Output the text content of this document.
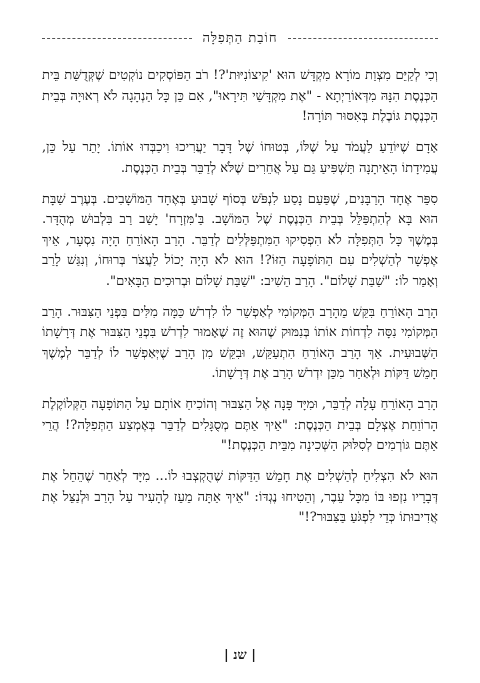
חוֹבַת הַתְּפִלָּה

וְכִי לְקַיֵּם מִצְוַת מוֹרָא מִקְדָּשׁ הוּא 'קִיצוֹנִיּוּת'?! רֹב הַפּוֹסְקִים נוֹקְטִים שֶׁקְּדֻשַּׁת בֵּית הַכְּנֶסֶת הִנָּהּ מִדְּאוֹרַיְתָא - "אֶת מִקְדָּשַׁי תִּירָאוּ", אִם כֵּן כָּל הַנְהָגָה לֹא רְאוּיָה בְּבֵית הַכְּנֶסֶת גּוֹבֶלֶת בְּאִסּוּר תּוֹרָה!

אָדָם שֶׁיּוֹדֵעַ לַעֲמֹד עַל שֶׁלּוֹ, בְּטוּחוֹ שֶׁל דָּבָר יַעֲרִיכוּ וִיכַבְּדוּ אוֹתוֹ. יָתֵר עַל כֵּן, עֲמִידָתוֹ הָאֵיתָנָה תַּשְׁפִּיעַ גַּם עַל אֲחֵרִים שֶׁלֹּא לְדַבֵּר בְּבֵית הַכְּנֶסֶת.

סִפֵּר אֶחָד הָרַבָּנִים, שֶׁפַּעַם נָסַע לִנְפֹּשׁ בְּסוֹף שָׁבוּעַ בְּאֶחָד הַמּוֹשָׁבִים. בְּעֶרֶב שַׁבָּת הוּא בָּא לְהִתְפַּלֵּל בְּבֵית הַכְּנֶסֶת שֶׁל הַמּוֹשָׁב. בַּ'מִּזְרָח' יָשַׁב רַב בִּלְבוּשׁ מְהֻדָּר. בְּמֶשֶׁךְ כָּל הַתְּפִלָּה לֹא הִפְסִיקוּ הַמִּתְפַּלְּלִים לְדַבֵּר. הָרַב הָאוֹרֵחַ הָיָה נִסְעָר, אֵיךְ אֶפְשָׁר לְהַשְׁלִים עִם הַתּוֹפָעָה הַזּוֹ?! הוּא לֹא הָיָה יָכוֹל לַעֲצֹר בְּרוּחוֹ, וְנִגַּשׁ לָרַב וְאָמַר לוֹ: "שַׁבַּת שָׁלוֹם". הָרַב הֵשִׁיב: "שַׁבַּת שָׁלוֹם וּבְרוּכִים הַבָּאִים".

הָרַב הָאוֹרֵחַ בִּקֵּשׁ מֵהָרַב הַמְּקוֹמִי לְאַפְשֵׁר לוֹ לִדְרֹשׁ כַּמָּה מִלִּים בִּפְנֵי הַצִּבּוּר. הָרַב הַמְּקוֹמִי נִסָּה לִדְחוֹת אוֹתוֹ בְּנִמּוּק שֶׁהוּא זֶה שֶׁאָמוּר לִדְרֹשׁ בִּפְנֵי הַצִּבּוּר אֶת דְּרָשָׁתוֹ הַשְּׁבוּעִית. אַךְ הָרַב הָאוֹרֵחַ הִתְעַקֵּשׁ, וּבִקֵּשׁ מִן הָרַב שֶׁיְּאַפְשֵׁר לוֹ לְדַבֵּר לְמֶשֶׁךְ חָמֵשׁ דַּקּוֹת וּלְאַחַר מִכֵּן יִדְרֹשׁ הָרַב אֶת דְּרָשָׁתוֹ.

הָרַב הָאוֹרֵחַ עָלָה לְדַבֵּר, וּמִיָּד פָּנָה אֶל הַצִּבּוּר וְהוֹכִיחַ אוֹתָם עַל הַתּוֹפָעָה הַקְּלוֹקֶלֶת הָרוֹוַחַת אֶצְלָם בְּבֵית הַכְּנֶסֶת: "אֵיךְ אַתֶּם מְסֻגָּלִים לְדַבֵּר בְּאֶמְצַע הַתְּפִלָּה?! הֲרֵי אַתֶּם גּוֹרְמִים לְסִלּוּק הַשְּׁכִינָה מִבֵּית הַכְּנֶסֶת!"

הוּא לֹא הִצְלִיחַ לְהַשְׁלִים אֶת חָמֵשׁ הַדַּקּוֹת שֶׁהֻקְצְבוּ לוֹ... מִיָּד לְאַחַר שֶׁהֵחֵל אֶת דְּבָרָיו נִזְפוּ בּוֹ מִכָּל עֵבֶר, וְהֵטִיחוּ נֶגְדּוֹ: "אֵיךְ אַתָּה מֵעֵז לְהָעִיר עַל הָרַב וּלְנַצֵּל אֶת אֲדִיבוּתוֹ כְּדֵי לִפְגֹּעַ בַּצִּבּוּר?!"

| שנ |
